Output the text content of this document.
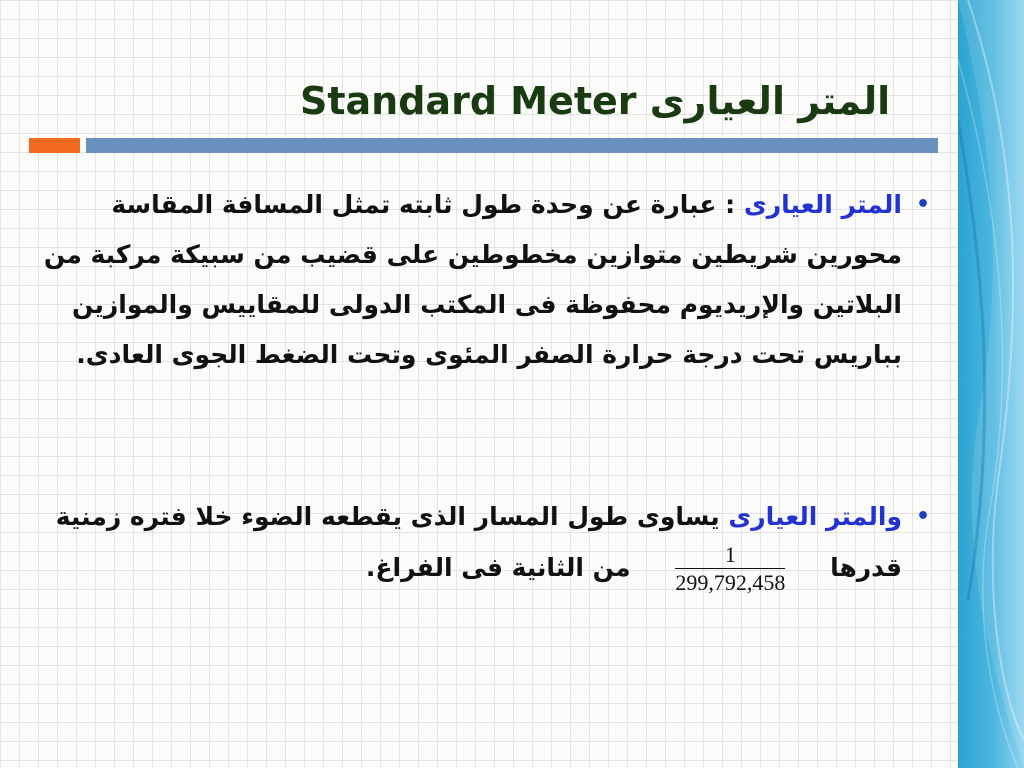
المتر العيارى Standard Meter
•
المتر العيارى : عبارة عن وحدة طول ثابته تمثل المسافة المقاسة محورين شريطين متوازين مخطوطين على قضيب من سبيكة مركبة من البلاتين والإريديوم محفوظة فى المكتب الدولى للمقاييس والموازين بباريس تحت درجة حرارة الصفر المئوى وتحت الضغط الجوى العادى.
•
والمتر العيارى يساوى طول المسار الذى يقطعه الضوء خلا فتره زمنية قدرها
$\frac{1}{299,792,458}$
من الثانية فى الفراغ.
